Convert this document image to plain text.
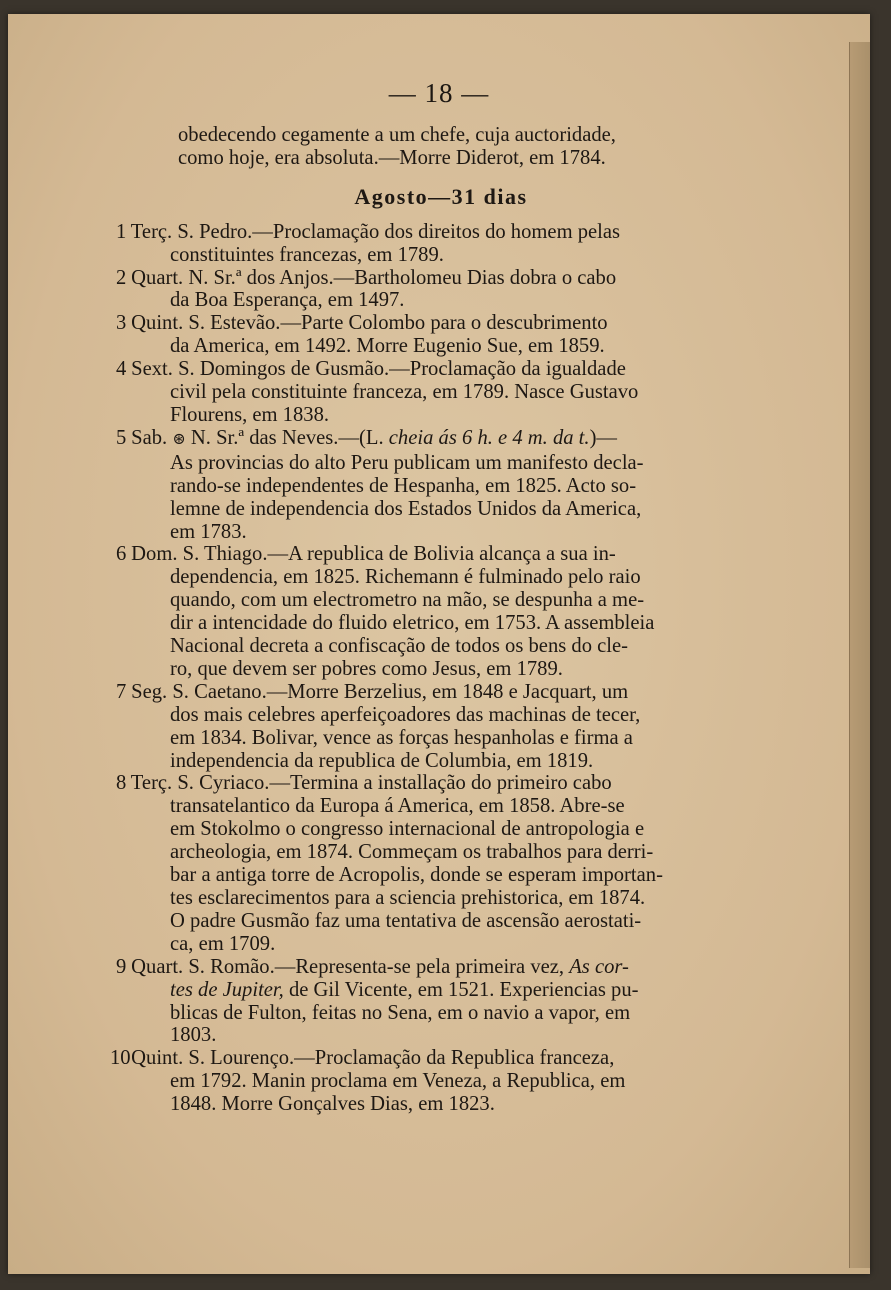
— 18 —
obedecendo cegamente a um chefe, cuja auctoridade,
como hoje, era absoluta.—Morre Diderot, em 1784.
Agosto—31 dias
1 Terç. S. Pedro.—Proclamação dos direitos do homem pelas
constituintes francezas, em 1789.
2 Quart. N. Sr.ª dos Anjos.—Bartholomeu Dias dobra o cabo
da Boa Esperança, em 1497.
3 Quint. S. Estevão.—Parte Colombo para o descubrimento
da America, em 1492. Morre Eugenio Sue, em 1859.
4 Sext. S. Domingos de Gusmão.—Proclamação da igualdade
civil pela constituinte franceza, em 1789. Nasce Gustavo
Flourens, em 1838.
5 Sab. ⊛ N. Sr.ª das Neves.—(L. cheia ás 6 h. e 4 m. da t.)—
As provincias do alto Peru publicam um manifesto decla-
rando-se independentes de Hespanha, em 1825. Acto so-
lemne de independencia dos Estados Unidos da America,
em 1783.
6 Dom. S. Thiago.—A republica de Bolivia alcança a sua in-
dependencia, em 1825. Richemann é fulminado pelo raio
quando, com um electrometro na mão, se despunha a me-
dir a intencidade do fluido eletrico, em 1753. A assembleia
Nacional decreta a confiscação de todos os bens do cle-
ro, que devem ser pobres como Jesus, em 1789.
7 Seg. S. Caetano.—Morre Berzelius, em 1848 e Jacquart, um
dos mais celebres aperfeiçoadores das machinas de tecer,
em 1834. Bolivar, vence as forças hespanholas e firma a
independencia da republica de Columbia, em 1819.
8 Terç. S. Cyriaco.—Termina a installação do primeiro cabo
transatelantico da Europa á America, em 1858. Abre-se
em Stokolmo o congresso internacional de antropologia e
archeologia, em 1874. Commeçam os trabalhos para derri-
bar a antiga torre de Acropolis, donde se esperam importan-
tes esclarecimentos para a sciencia prehistorica, em 1874.
O padre Gusmão faz uma tentativa de ascensão aerostati-
ca, em 1709.
9 Quart. S. Romão.—Representa-se pela primeira vez, As cor-
tes de Jupiter, de Gil Vicente, em 1521. Experiencias pu-
blicas de Fulton, feitas no Sena, em o navio a vapor, em
1803.
10 Quint. S. Lourenço.—Proclamação da Republica franceza,
em 1792. Manin proclama em Veneza, a Republica, em
1848. Morre Gonçalves Dias, em 1823.
